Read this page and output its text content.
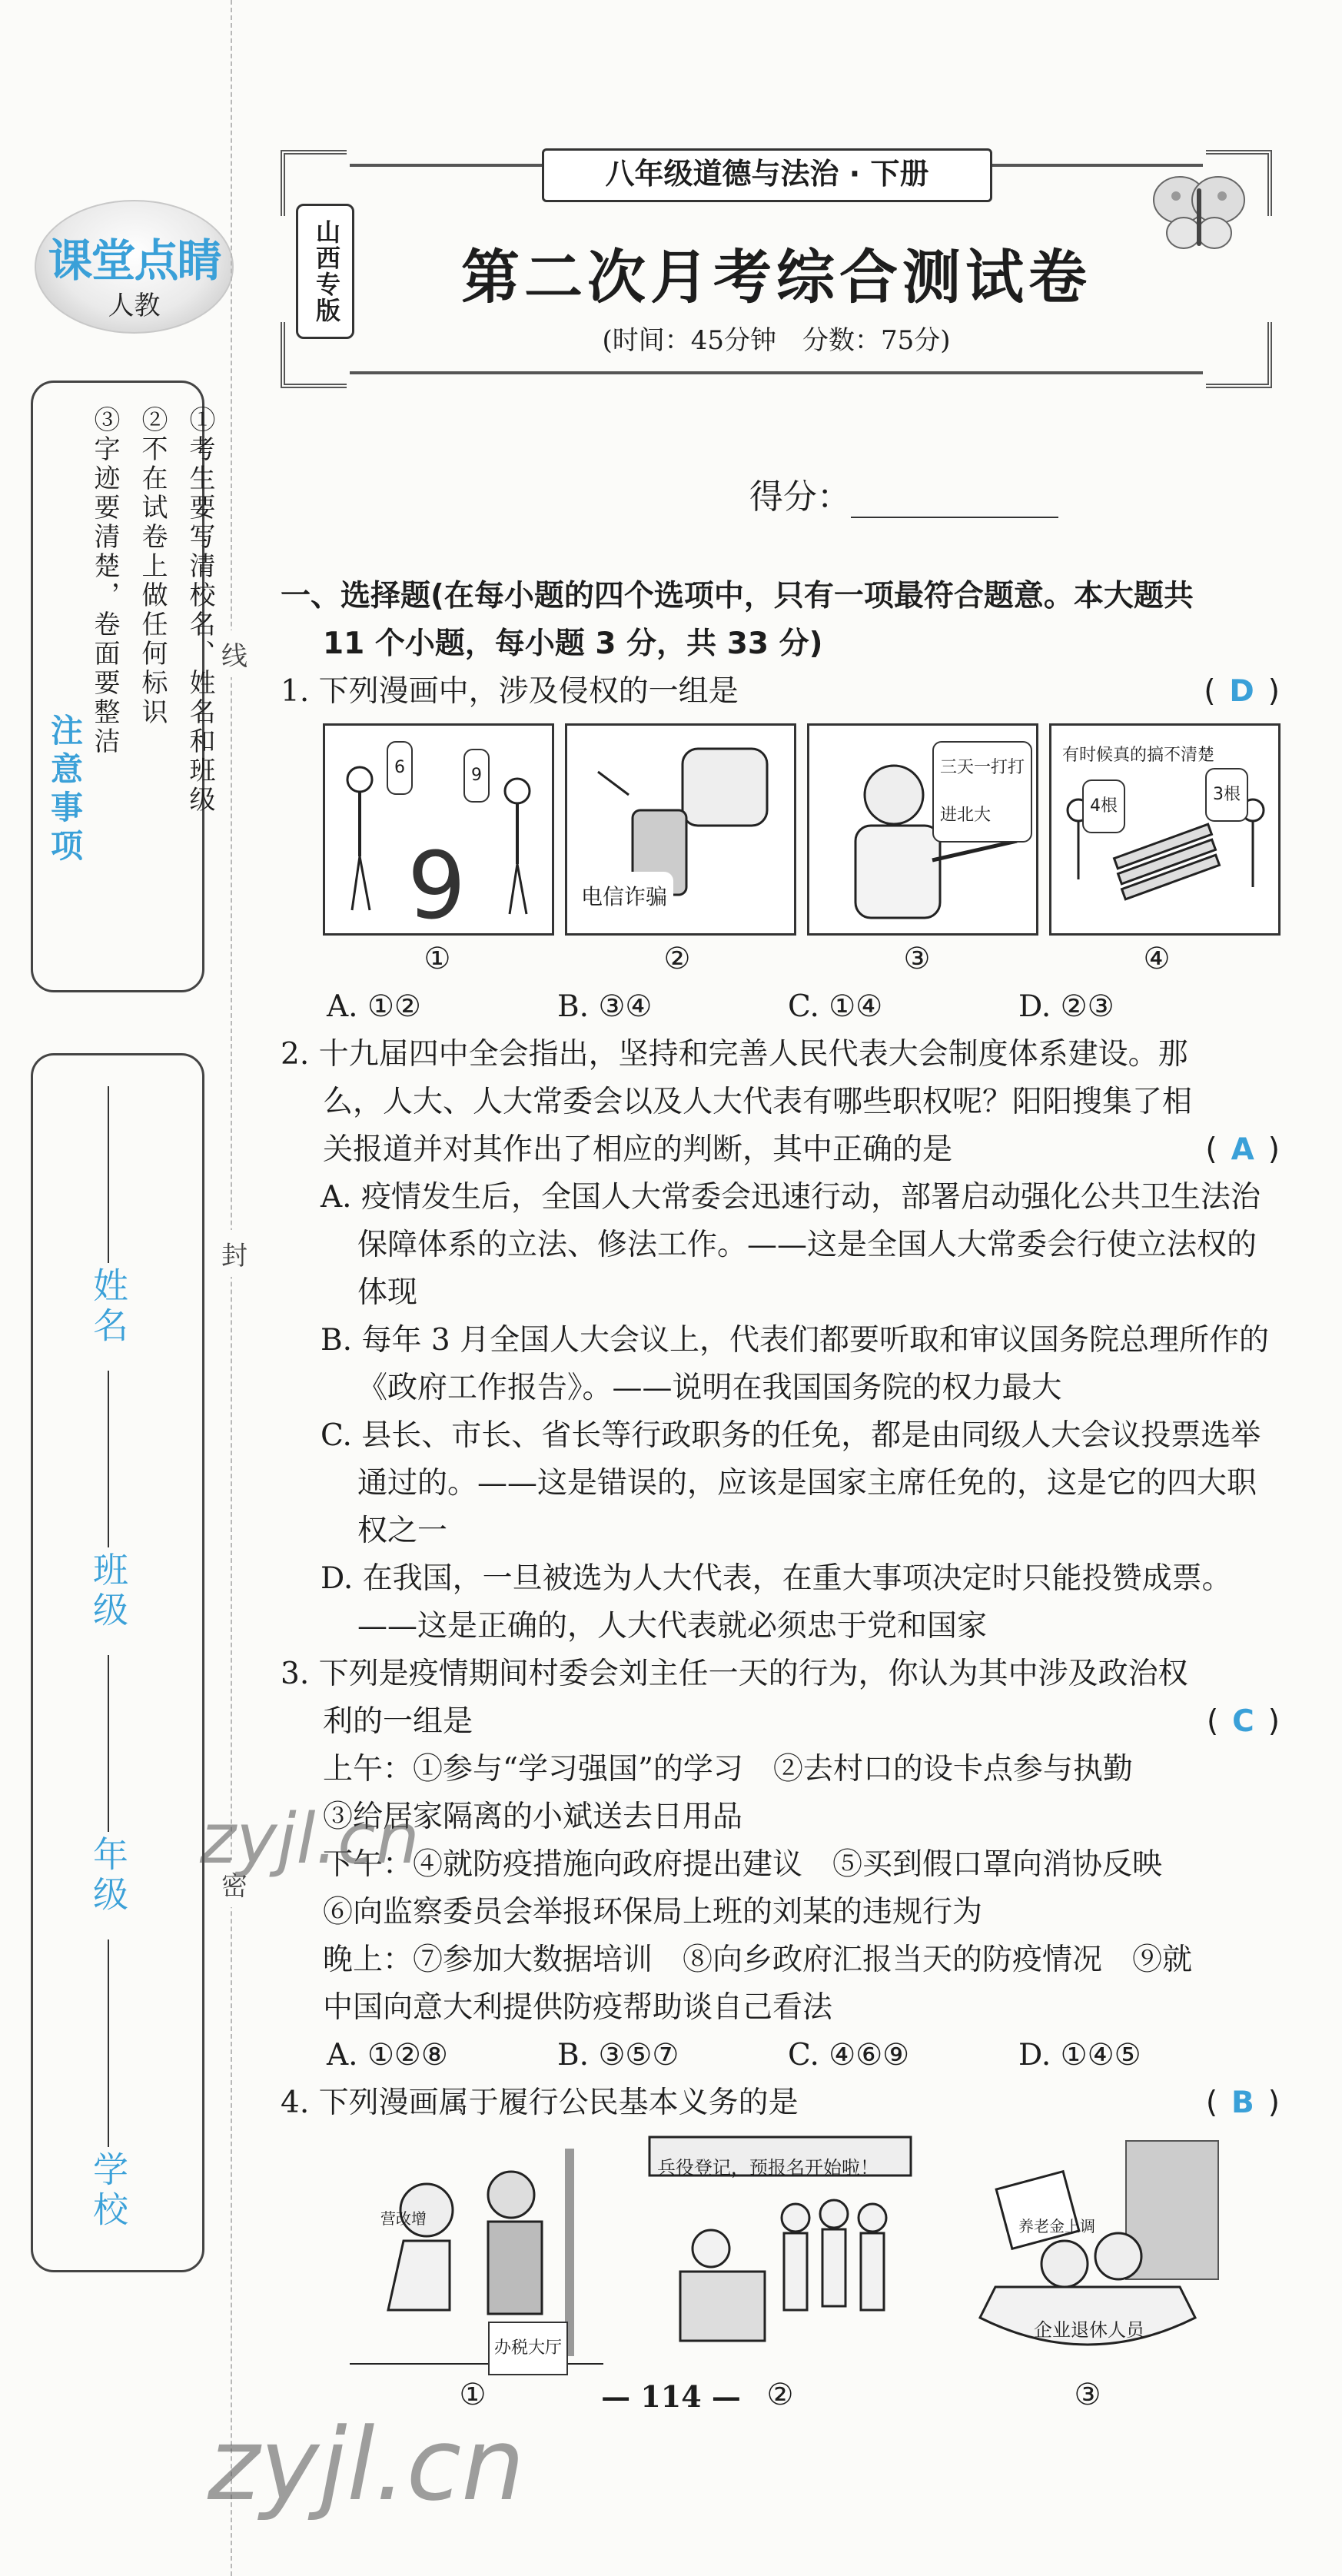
课堂点睛
人教
注意事项	①考生要写清校名、姓名和班级
②不在试卷上做任何标识
③字迹要清楚，卷面要整洁
姓名
班级
年级
学校
线
封
密
八年级道德与法治 · 下册
山西专版	第二次月考综合测试卷
(时间：45分钟　分数：75分)
得分：
一、选择题(在每小题的四个选项中，只有一项最符合题意。本大题共
11 个小题，每小题 3 分，共 33 分)
1. 下列漫画中，涉及侵权的一组是	( D )
9
6	9
电信诈骗
三天一打打进北大
有时候真的搞不清楚
4根
3根
①	②	③	④
A. ①②	B. ③④	C. ①④	D. ②③
2. 十九届四中全会指出，坚持和完善人民代表大会制度体系建设。那
么，人大、人大常委会以及人大代表有哪些职权呢？阳阳搜集了相
关报道并对其作出了相应的判断，其中正确的是	( A )
A. 疫情发生后，全国人大常委会迅速行动，部署启动强化公共卫生法治保障体系的立法、修法工作。——这是全国人大常委会行使立法权的体现
B. 每年 3 月全国人大会议上，代表们都要听取和审议国务院总理所作的《政府工作报告》。——说明在我国国务院的权力最大
C. 县长、市长、省长等行政职务的任免，都是由同级人大会议投票选举通过的。——这是错误的，应该是国家主席任免的，这是它的四大职权之一
D. 在我国，一旦被选为人大代表，在重大事项决定时只能投赞成票。——这是正确的，人大代表就必须忠于党和国家
3. 下列是疫情期间村委会刘主任一天的行为，你认为其中涉及政治权
利的一组是	( C )
上午：①参与“学习强国”的学习　②去村口的设卡点参与执勤
③给居家隔离的小斌送去日用品
下午：④就防疫措施向政府提出建议　⑤买到假口罩向消协反映
⑥向监察委员会举报环保局上班的刘某的违规行为
晚上：⑦参加大数据培训　⑧向乡政府汇报当天的防疫情况　⑨就
中国向意大利提供防疫帮助谈自己看法
A. ①②⑧	B. ③⑤⑦	C. ④⑥⑨	D. ①④⑤
4. 下列漫画属于履行公民基本义务的是	( B )
办税大厅
营改增
兵役登记，预报名开始啦！
养老金上调
企业退休人员
①	②	③
— 114 —
zyjl.cn
zyjl.cn
